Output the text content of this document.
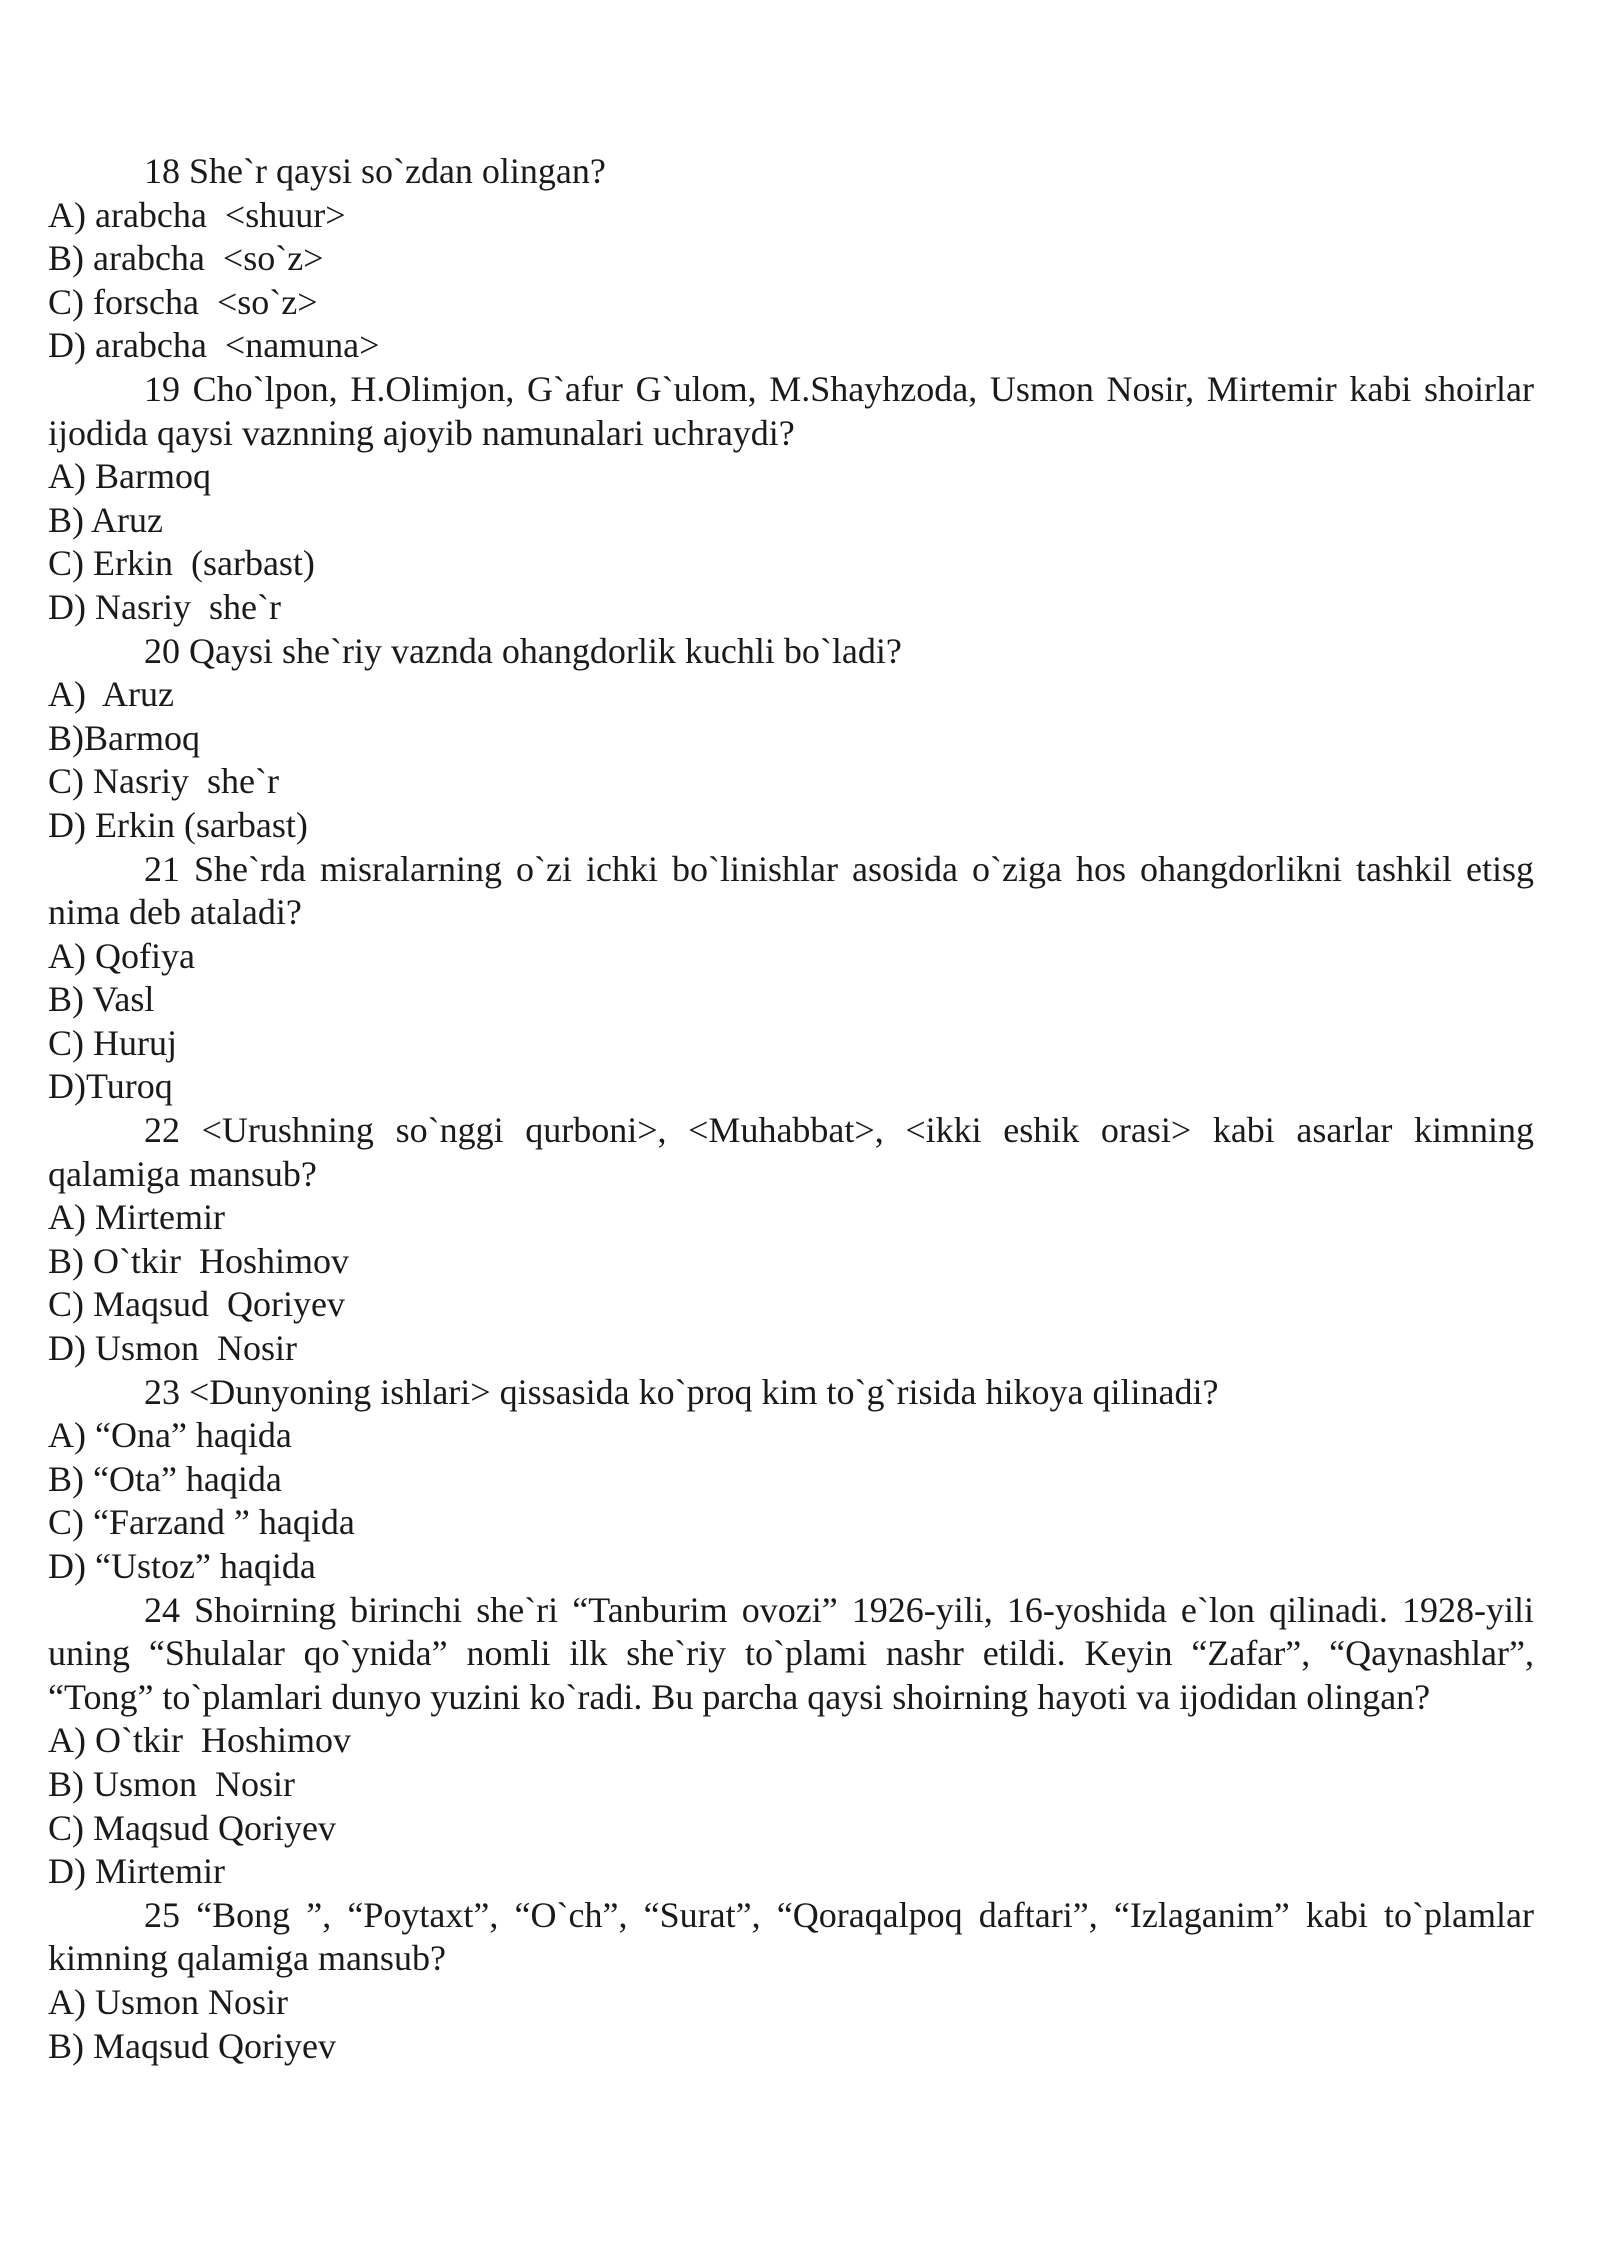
18 She`r qaysi so`zdan olingan?

A) arabcha  <shuur>

B) arabcha  <so`z>

C) forscha  <so`z>

D) arabcha  <namuna>

19 Cho`lpon, H.Olimjon, G`afur G`ulom, M.Shayhzoda, Usmon Nosir, Mirtemir kabi shoirlar ijodida qaysi vaznning ajoyib namunalari uchraydi?

A) Barmoq

B) Aruz

C) Erkin  (sarbast)

D) Nasriy  she`r

20 Qaysi she`riy vaznda ohangdorlik kuchli bo`ladi?

A)  Aruz

B)Barmoq

C) Nasriy  she`r

D) Erkin (sarbast)

21 She`rda misralarning o`zi ichki bo`linishlar asosida o`ziga hos ohangdorlikni tashkil etisg nima deb ataladi?

A) Qofiya

B) Vasl

C) Huruj

D)Turoq

22 <Urushning so`nggi qurboni>, <Muhabbat>, <ikki eshik orasi> kabi asarlar kimning qalamiga mansub?

A) Mirtemir

B) O`tkir  Hoshimov

C) Maqsud  Qoriyev

D) Usmon  Nosir

23 <Dunyoning ishlari> qissasida ko`proq kim to`g`risida hikoya qilinadi?

A) “Ona” haqida

B) “Ota” haqida

C) “Farzand ” haqida

D) “Ustoz” haqida

24 Shoirning birinchi she`ri “Tanburim ovozi” 1926-yili, 16-yoshida e`lon qilinadi. 1928-yili uning “Shulalar qo`ynida” nomli ilk she`riy to`plami nashr etildi. Keyin “Zafar”, “Qaynashlar”, “Tong” to`plamlari dunyo yuzini ko`radi. Bu parcha qaysi shoirning hayoti va ijodidan olingan?

A) O`tkir  Hoshimov

B) Usmon  Nosir

C) Maqsud Qoriyev

D) Mirtemir

25 “Bong ”, “Poytaxt”, “O`ch”, “Surat”, “Qoraqalpoq daftari”, “Izlaganim” kabi to`plamlar kimning qalamiga mansub?

A) Usmon Nosir

B) Maqsud Qoriyev
